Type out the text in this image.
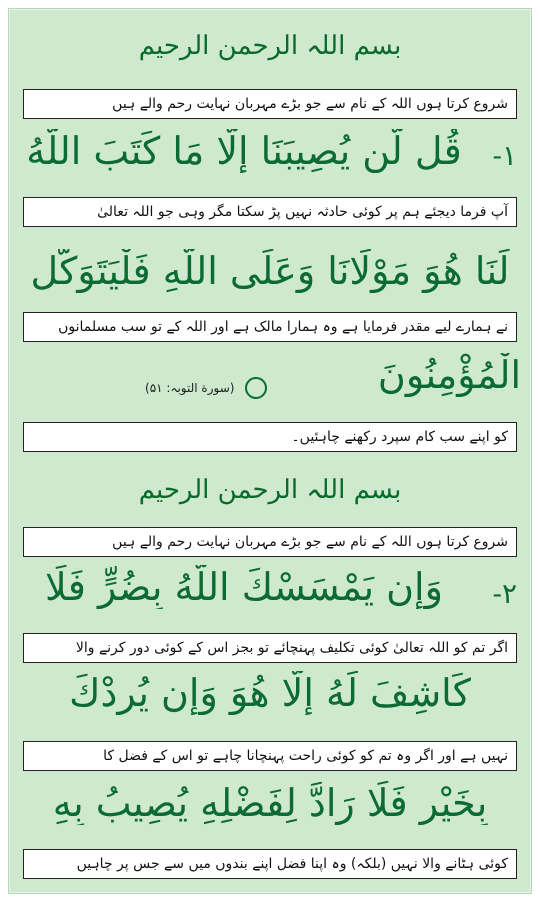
بسم اللہ الرحمن الرحیم
شروع کرتا ہوں اللہ کے نام سے جو بڑے مہربان نہایت رحم والے ہیں
۱-
قُل لَّن يُصِيبَنَا إِلَّا مَا كَتَبَ اللَّهُ
آپ فرما دیجئے ہم پر کوئی حادثہ نہیں پڑ سکتا مگر وہی جو اللہ تعالیٰ
لَنَا هُوَ مَوْلَانَا وَعَلَى اللَّهِ فَلْيَتَوَكَّلِ
نے ہمارے لیے مقدر فرمایا ہے وہ ہمارا مالک ہے اور اللہ کے تو سب مسلمانوں
الْمُؤْمِنُونَ
(سورة التوبہ: ۵۱)
کو اپنے سب کام سپرد رکھنے چاہئیں۔
بسم اللہ الرحمن الرحیم
شروع کرتا ہوں اللہ کے نام سے جو بڑے مہربان نہایت رحم والے ہیں
۲-
وَإِن يَمْسَسْكَ اللَّهُ بِضُرٍّ فَلَا
اگر تم کو اللہ تعالیٰ کوئی تکلیف پہنچائے تو بجز اس کے کوئی دور کرنے والا
كَاشِفَ لَهُ إِلَّا هُوَ وَإِن يُرِدْكَ
نہیں ہے اور اگر وہ تم کو کوئی راحت پہنچانا چاہے تو اس کے فضل کا
بِخَيْرٍ فَلَا رَادَّ لِفَضْلِهِ يُصِيبُ بِهِ
کوئی ہٹانے والا نہیں (بلکہ) وہ اپنا فضل اپنے بندوں میں سے جس پر چاہیں
